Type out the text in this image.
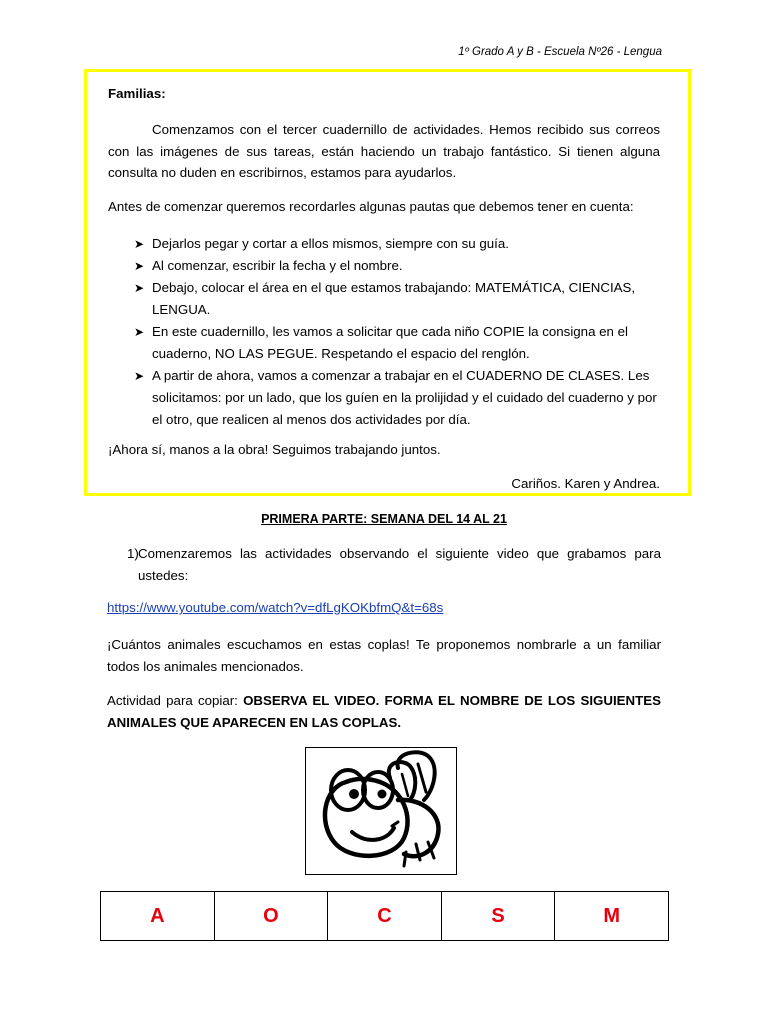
1º Grado A y B - Escuela Nº26 - Lengua
Familias:
Comenzamos con el tercer cuadernillo de actividades. Hemos recibido sus correos con las imágenes de sus tareas, están haciendo un trabajo fantástico. Si tienen alguna consulta no duden en escribirnos, estamos para ayudarlos.
Antes de comenzar queremos recordarles algunas pautas que debemos tener en cuenta:
➤ Dejarlos pegar y cortar a ellos mismos, siempre con su guía.
➤ Al comenzar, escribir la fecha y el nombre.
➤ Debajo, colocar el área en el que estamos trabajando: MATEMÁTICA, CIENCIAS, LENGUA.
➤ En este cuadernillo, les vamos a solicitar que cada niño COPIE la consigna en el cuaderno, NO LAS PEGUE. Respetando el espacio del renglón.
➤ A partir de ahora, vamos a comenzar a trabajar en el CUADERNO DE CLASES. Les solicitamos: por un lado, que los guíen en la prolijidad y el cuidado del cuaderno y por el otro, que realicen al menos dos actividades por día.
¡Ahora sí, manos a la obra! Seguimos trabajando juntos.
Cariños. Karen y Andrea.
PRIMERA PARTE: SEMANA DEL 14 AL 21
1) Comenzaremos las actividades observando el siguiente video que grabamos para ustedes:
https://www.youtube.com/watch?v=dfLgKOKbfmQ&t=68s
¡Cuántos animales escuchamos en estas coplas! Te proponemos nombrarle a un familiar todos los animales mencionados.
Actividad para copiar: OBSERVA EL VIDEO. FORMA EL NOMBRE DE LOS SIGUIENTES ANIMALES QUE APARECEN EN LAS COPLAS.
A	O	C	S	M
